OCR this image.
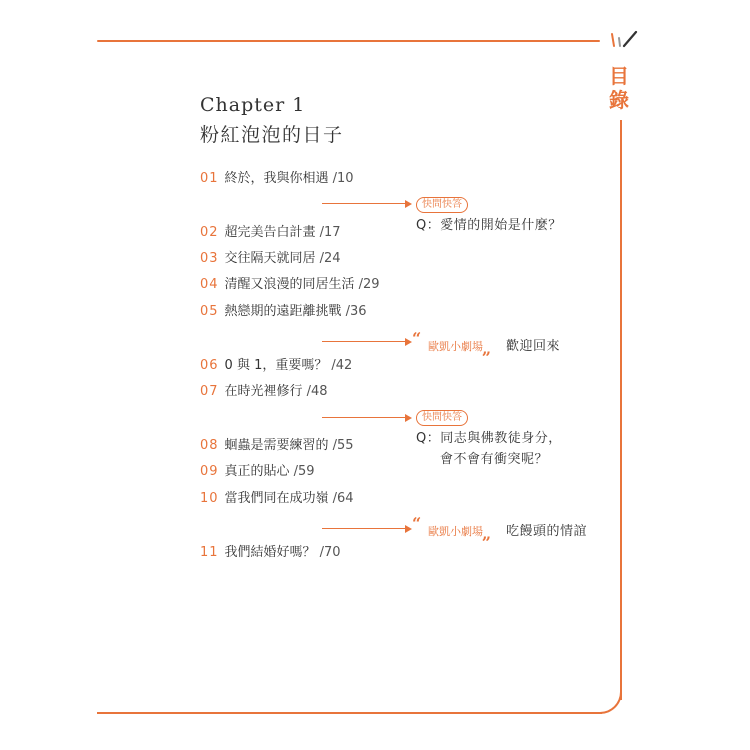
目
錄
Chapter 1
粉紅泡泡的日子
01 終於，我與你相遇 /10
02 超完美告白計畫 /17
03 交往隔天就同居 /24
04 清醒又浪漫的同居生活 /29
05 熱戀期的遠距離挑戰 /36
06 0 與 1，重要嗎？ /42
07 在時光裡修行 /48
08 蛔蟲是需要練習的 /55
09 真正的貼心 /59
10 當我們同在成功嶺 /64
11 我們結婚好嗎？ /70
快問快答
Q：愛情的開始是什麼？
“ 歐凱小劇場 „ 歡迎回來
快問快答
Q：同志與佛教徒身分，
會不會有衝突呢？
“ 歐凱小劇場 „ 吃饅頭的情誼
